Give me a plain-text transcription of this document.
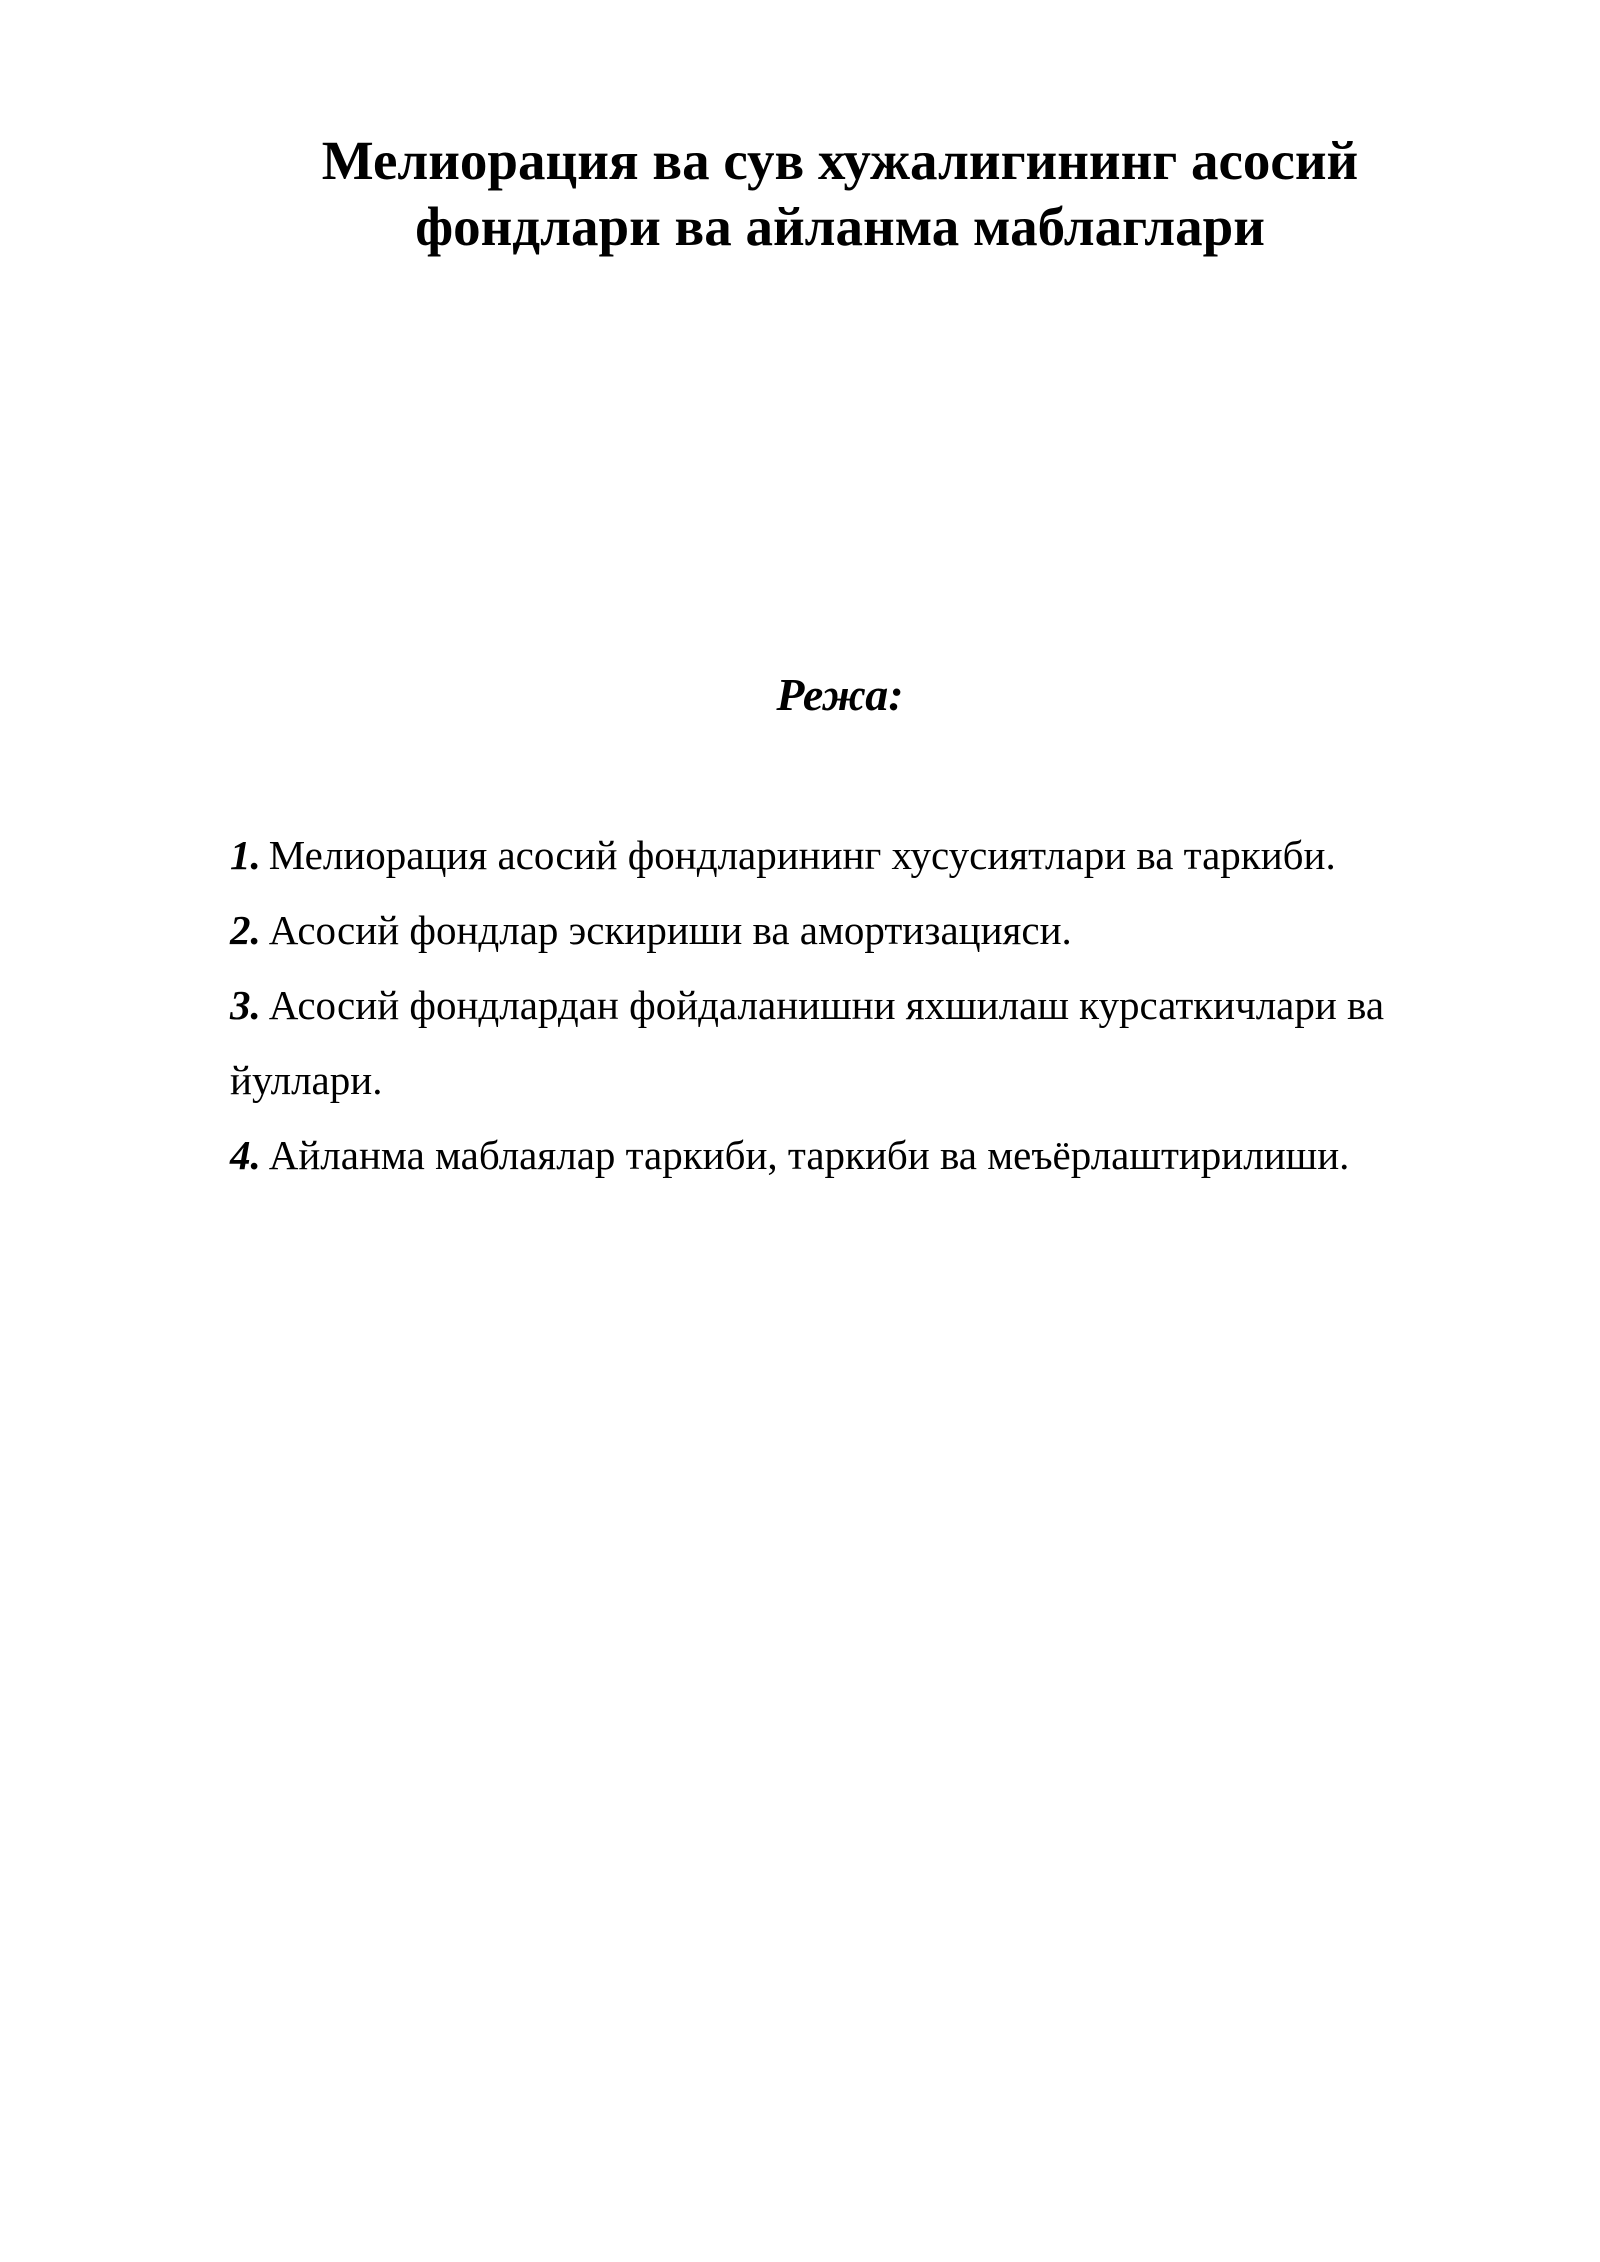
Мелиорация ва сув хужалигининг асосий
фондлари ва айланма маблаглари
Режа:
1. Мелиорация асосий фондларининг хусусиятлари ва таркиби.
2. Асосий фондлар эскириши ва амортизацияси.
3. Асосий фондлардан фойдаланишни яхшилаш курсаткичлари ва йуллари.
4. Айланма маблаялар таркиби, таркиби ва меъёрлаштирилиши.
